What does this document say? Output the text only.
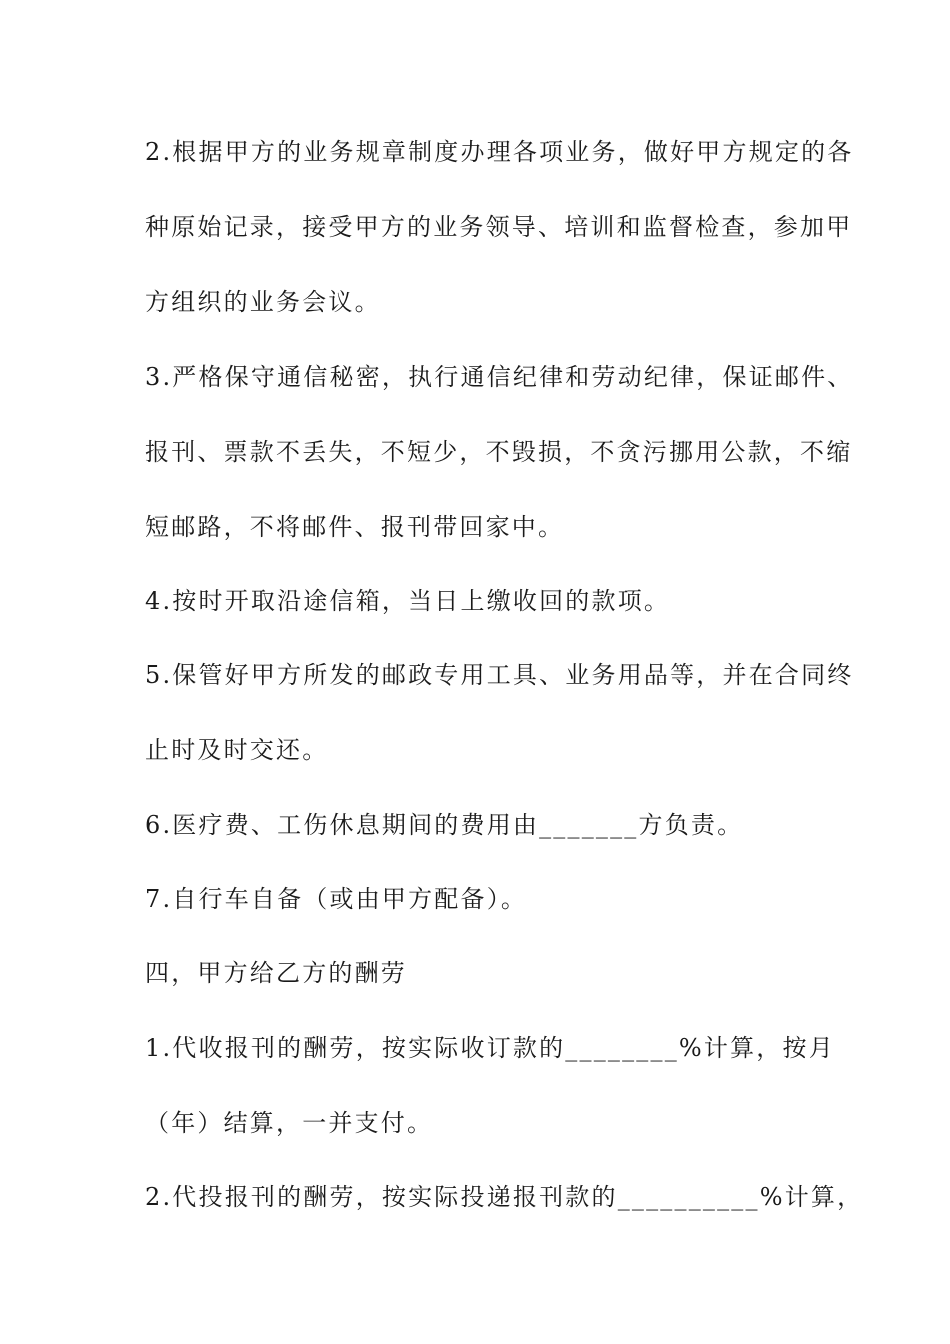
2.根据甲方的业务规章制度办理各项业务，做好甲方规定的各
种原始记录，接受甲方的业务领导、培训和监督检查，参加甲
方组织的业务会议。
3.严格保守通信秘密，执行通信纪律和劳动纪律，保证邮件、
报刊、票款不丢失，不短少，不毁损，不贪污挪用公款，不缩
短邮路，不将邮件、报刊带回家中。
4.按时开取沿途信箱，当日上缴收回的款项。
5.保管好甲方所发的邮政专用工具、业务用品等，并在合同终
止时及时交还。
6.医疗费、工伤休息期间的费用由_______方负责。
7.自行车自备（或由甲方配备）。
四，甲方给乙方的酬劳
1.代收报刊的酬劳，按实际收订款的________%计算，按月
（年）结算，一并支付。
2.代投报刊的酬劳，按实际投递报刊款的__________%计算，
